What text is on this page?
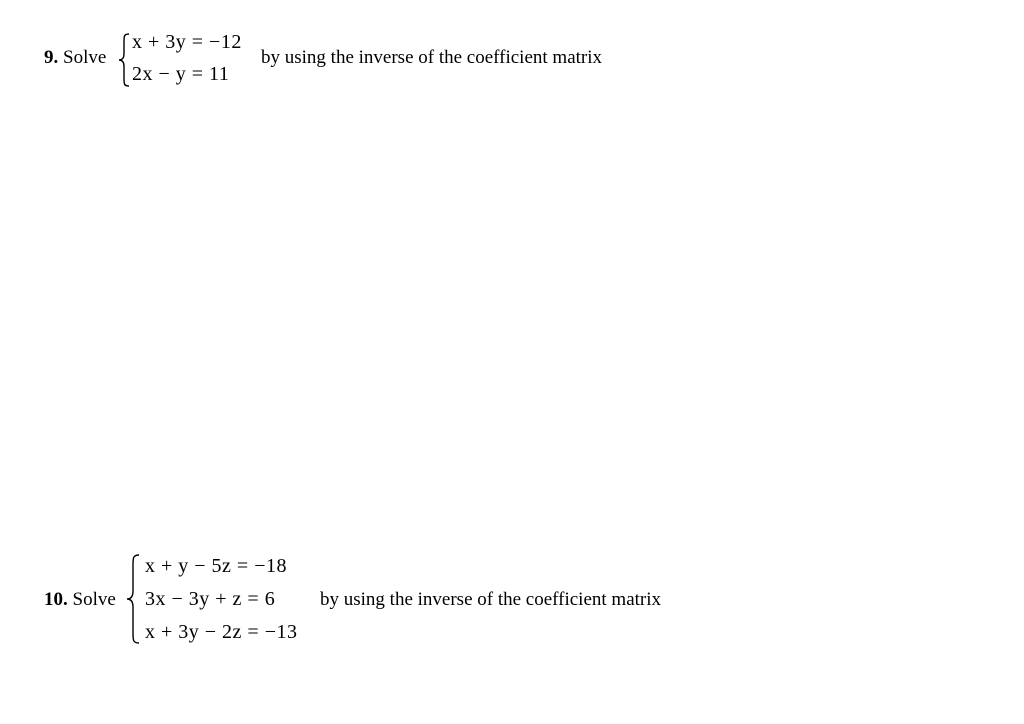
9. Solve
x + 3y = −12
2x − y = 11
by using the inverse of the coefficient matrix
10. Solve
x + y − 5z = −18
3x − 3y + z = 6
x + 3y − 2z = −13
by using the inverse of the coefficient matrix
